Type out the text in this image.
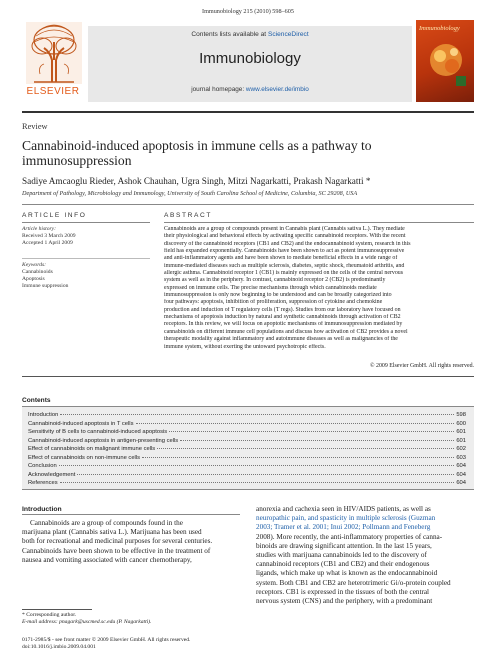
Immunobiology 215 (2010) 598–605
ELSEVIER
Contents lists available at ScienceDirect
Immunobiology
journal homepage: www.elsevier.de/imbio
Immunobiology
Review
Cannabinoid-induced apoptosis in immune cells as a pathway to immunosuppression
Sadiye Amcaoglu Rieder, Ashok Chauhan, Ugra Singh, Mitzi Nagarkatti, Prakash Nagarkatti *
Department of Pathology, Microbiology and Immunology, University of South Carolina School of Medicine, Columbia, SC 29208, USA
ARTICLE INFO	ABSTRACT
Article history:
Received 3 March 2009
Accepted 1 April 2009
Keywords:
Cannabinoids
Apoptosis
Immune suppression
Cannabinoids are a group of compounds present in Cannabis plant (Cannabis sativa L.). They mediate
their physiological and behavioral effects by activating specific cannabinoid receptors. With the recent
discovery of the cannabinoid receptors (CB1 and CB2) and the endocannabinoid system, research in this
field has expanded exponentially. Cannabinoids have been shown to act as potent immunosuppressive
and anti-inflammatory agents and have been shown to mediate beneficial effects in a wide range of
immune-mediated diseases such as multiple sclerosis, diabetes, septic shock, rheumatoid arthritis, and
allergic asthma. Cannabinoid receptor 1 (CB1) is mainly expressed on the cells of the central nervous
system as well as in the periphery. In contrast, cannabinoid receptor 2 (CB2) is predominantly
expressed on immune cells. The precise mechanisms through which cannabinoids mediate
immunosuppression is only now beginning to be understood and can be broadly categorized into
four pathways: apoptosis, inhibition of proliferation, suppression of cytokine and chemokine
production and induction of T regulatory cells (T regs). Studies from our laboratory have focused on
mechanisms of apoptosis induction by natural and synthetic cannabinoids through activation of CB2
receptors. In this review, we will focus on apoptotic mechanisms of immunosuppression mediated by
cannabinoids on different immune cell populations and discuss how activation of CB2 provides a novel
therapeutic modality against inflammatory and autoimmune diseases as well as malignancies of the
immune system, without exerting the untoward psychotropic effects.
© 2009 Elsevier GmbH. All rights reserved.
Contents
Introduction	598
Cannabinoid-induced apoptosis in T cells	600
Sensitivity of B cells to cannabinoid-induced apoptosis	601
Cannabinoid-induced apoptosis in antigen-presenting cells	601
Effect of cannabinoids on malignant immune cells	602
Effect of cannabinoids on non-immune cells	603
Conclusion	604
Acknowledgement	604
References	604
Introduction
Cannabinoids are a group of compounds found in the
marijuana plant (Cannabis sativa L.). Marijuana has been used
both for recreational and medicinal purposes for several centuries.
Cannabinoids have been shown to be effective in the treatment of
nausea and vomiting associated with cancer chemotherapy,
anorexia and cachexia seen in HIV/AIDS patients, as well as
neuropathic pain, and spasticity in multiple sclerosis (Guzman
2003; Tramer et al. 2001; Inui 2002; Pollmann and Feneberg
2008). More recently, the anti-inflammatory properties of canna-
binoids are drawing significant attention. In the last 15 years,
studies with marijuana cannabinoids led to the discovery of
cannabinoid receptors (CB1 and CB2) and their endogenous
ligands, which make up what is known as the endocannabinoid
system. Both CB1 and CB2 are heterotrimeric Gi/o-protein coupled
receptors. CB1 is expressed in the tissues of both the central
nervous system (CNS) and the periphery, with a predominant
* Corresponding author.
E-mail address: pnagark@uscmed.sc.edu (P. Nagarkatti).
0171-2985/$ - see front matter © 2009 Elsevier GmbH. All rights reserved.
doi:10.1016/j.imbio.2009.04.001
